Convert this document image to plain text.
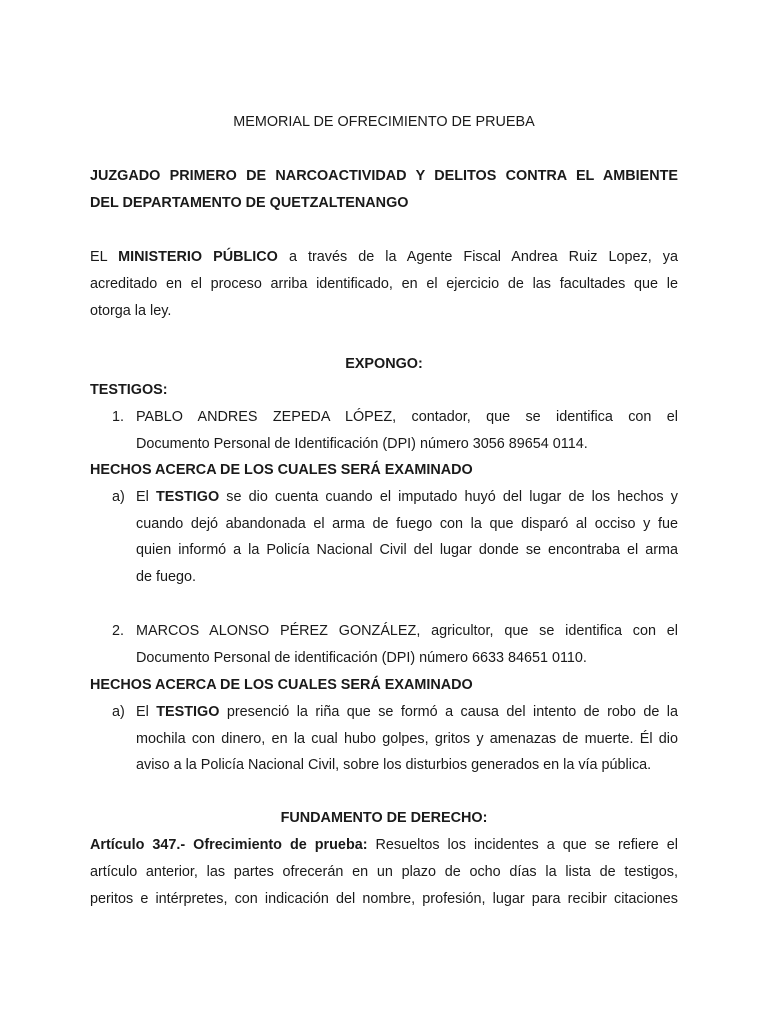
MEMORIAL DE OFRECIMIENTO DE PRUEBA
JUZGADO PRIMERO DE NARCOACTIVIDAD Y DELITOS CONTRA EL AMBIENTE
DEL DEPARTAMENTO DE QUETZALTENANGO
EL MINISTERIO PÚBLICO a través de la Agente Fiscal Andrea Ruiz Lopez, ya
acreditado en el proceso arriba identificado, en el ejercicio de las facultades que le
otorga la ley.
EXPONGO:
TESTIGOS:
1. PABLO ANDRES ZEPEDA LÓPEZ, contador, que se identifica con el
Documento Personal de Identificación (DPI) número 3056 89654 0114.
HECHOS ACERCA DE LOS CUALES SERÁ EXAMINADO
a) El TESTIGO se dio cuenta cuando el imputado huyó del lugar de los hechos y
cuando dejó abandonada el arma de fuego con la que disparó al occiso y fue
quien informó a la Policía Nacional Civil del lugar donde se encontraba el arma
de fuego.
2. MARCOS ALONSO PÉREZ GONZÁLEZ, agricultor, que se identifica con el
Documento Personal de identificación (DPI) número 6633 84651 0110.
HECHOS ACERCA DE LOS CUALES SERÁ EXAMINADO
a) El TESTIGO presenció la riña que se formó a causa del intento de robo de la
mochila con dinero, en la cual hubo golpes, gritos y amenazas de muerte. Él dio
aviso a la Policía Nacional Civil, sobre los disturbios generados en la vía pública.
FUNDAMENTO DE DERECHO:
Artículo 347.- Ofrecimiento de prueba: Resueltos los incidentes a que se refiere el
artículo anterior, las partes ofrecerán en un plazo de ocho días la lista de testigos,
peritos e intérpretes, con indicación del nombre, profesión, lugar para recibir citaciones
